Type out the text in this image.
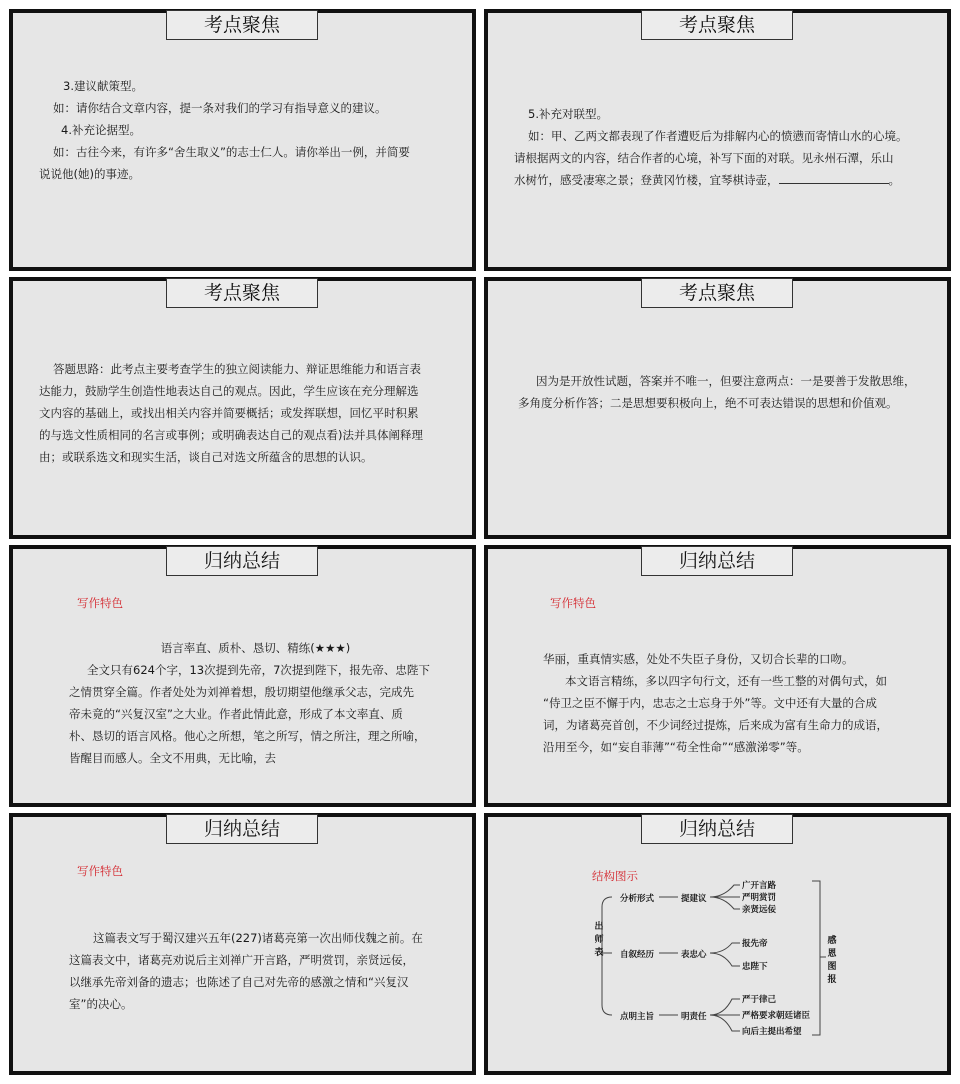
考点聚焦

3.建议献策型。

如：请你结合文章内容，提一条对我们的学习有指导意义的建议。

4.补充论据型。

如：古往今来，有许多“舍生取义”的志士仁人。请你举出一例，并简要

说说他(她)的事迹。

考点聚焦

5.补充对联型。

如：甲、乙两文都表现了作者遭贬后为排解内心的愤懑而寄情山水的心境。

请根据两文的内容，结合作者的心境，补写下面的对联。见永州石潭，乐山

水树竹，感受凄寒之景；登黄冈竹楼，宜琴棋诗壶，	。

考点聚焦

答题思路：此考点主要考查学生的独立阅读能力、辩证思维能力和语言表

达能力，鼓励学生创造性地表达自己的观点。因此，学生应该在充分理解选

文内容的基础上，或找出相关内容并简要概括；或发挥联想，回忆平时积累

的与选文性质相同的名言或事例；或明确表达自己的观点看)法并具体阐释理

由；或联系选文和现实生活，谈自己对选文所蕴含的思想的认识。

考点聚焦

因为是开放性试题，答案并不唯一，但要注意两点：一是要善于发散思维，

多角度分析作答；二是思想要积极向上，绝不可表达错误的思想和价值观。

归纳总结
写作特色

语言率直、质朴、恳切、精练(★★★)

全文只有624个字，13次提到先帝，7次提到陛下，报先帝、忠陛下

之情贯穿全篇。作者处处为刘禅着想，殷切期望他继承父志，完成先

帝未竟的“兴复汉室”之大业。作者此情此意，形成了本文率直、质

朴、恳切的语言风格。他心之所想，笔之所写，情之所注，理之所喻，

皆醒目而感人。全文不用典，无比喻，去

归纳总结
写作特色

华丽，重真情实感，处处不失臣子身份，又切合长辈的口吻。

本文语言精练，多以四字句行文，还有一些工整的对偶句式，如

“侍卫之臣不懈于内，忠志之士忘身于外”等。文中还有大量的合成

词，为诸葛亮首创，不少词经过提炼，后来成为富有生命力的成语，

沿用至今，如“妄自菲薄”“苟全性命”“感激涕零”等。

归纳总结
写作特色

这篇表文写于蜀汉建兴五年(227)诸葛亮第一次出师伐魏之前。在

这篇表文中，诸葛亮劝说后主刘禅广开言路，严明赏罚，亲贤远佞，

以继承先帝刘备的遗志；也陈述了自己对先帝的感激之情和“兴复汉

室”的决心。

归纳总结
结构图示
出师表
感恩图报
分析形式	提建议
广开言路
严明赏罚
亲贤远佞
自叙经历	表忠心
报先帝
忠陛下
点明主旨	明责任
严于律己
严格要求朝廷诸臣
向后主提出希望
